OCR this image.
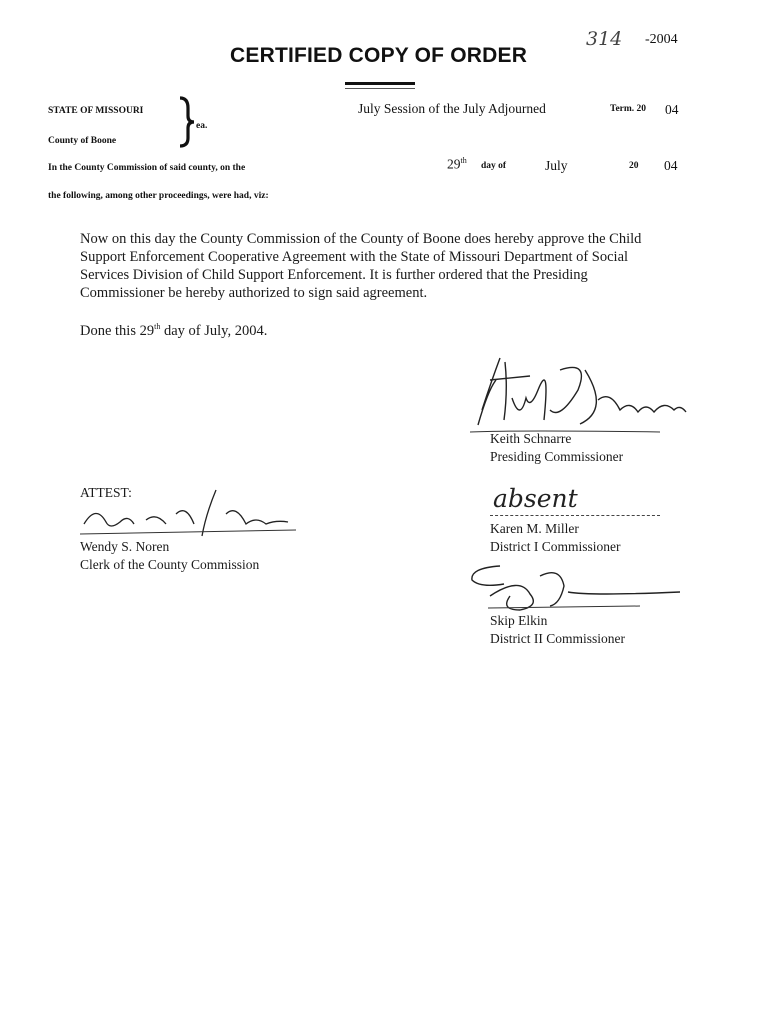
314 -2004
CERTIFIED COPY OF ORDER
STATE OF MISSOURI
County of Boone
ea.
July Session of the July Adjourned	Term. 20 04
In the County Commission of said county, on the	29th
day of	July	20 04
the following, among other proceedings, were had, viz:
Now on this day the County Commission of the County of Boone does hereby approve the Child
Support Enforcement Cooperative Agreement with the State of Missouri Department of Social
Services Division of Child Support Enforcement. It is further ordered that the Presiding
Commissioner be hereby authorized to sign said agreement.
Done this 29th day of July, 2004.
Keith Schnarre
Presiding Commissioner
ATTEST:
Wendy S. Noren
Clerk of the County Commission
absent
Karen M. Miller
District I Commissioner
Skip Elkin
District II Commissioner
